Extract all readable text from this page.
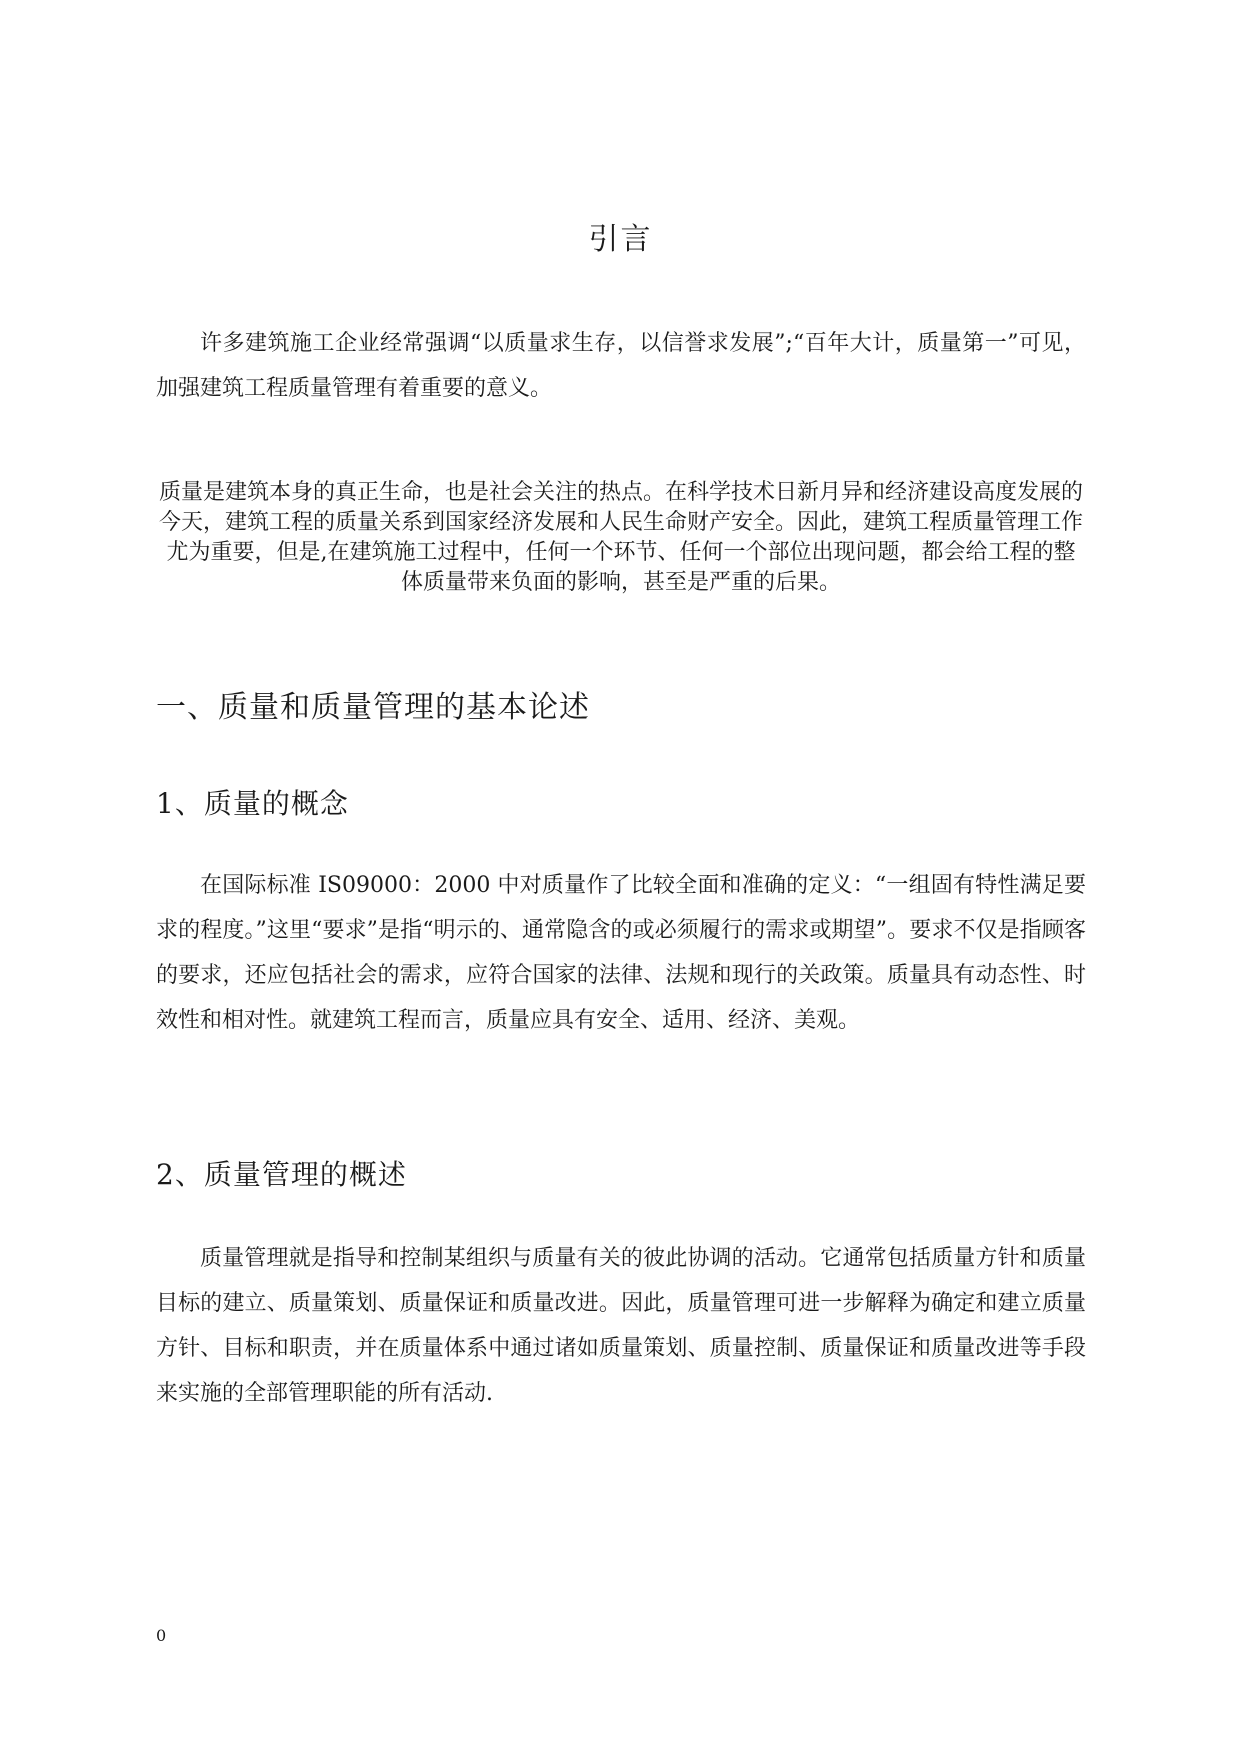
引言

许多建筑施工企业经常强调“以质量求生存，以信誉求发展”;“百年大计，质量第一”可见，加强建筑工程质量管理有着重要的意义。

质量是建筑本身的真正生命，也是社会关注的热点。在科学技术日新月异和经济建设高度发展的今天，建筑工程的质量关系到国家经济发展和人民生命财产安全。因此，建筑工程质量管理工作尤为重要，但是,在建筑施工过程中，任何一个环节、任何一个部位出现问题，都会给工程的整体质量带来负面的影响，甚至是严重的后果。

一、质量和质量管理的基本论述
1、质量的概念

在国际标准 IS09000：2000 中对质量作了比较全面和准确的定义：“一组固有特性满足要求的程度。”这里“要求”是指“明示的、通常隐含的或必须履行的需求或期望”。要求不仅是指顾客的要求，还应包括社会的需求，应符合国家的法律、法规和现行的关政策。质量具有动态性、时效性和相对性。就建筑工程而言，质量应具有安全、适用、经济、美观。

2、质量管理的概述

质量管理就是指导和控制某组织与质量有关的彼此协调的活动。它通常包括质量方针和质量目标的建立、质量策划、质量保证和质量改进。因此，质量管理可进一步解释为确定和建立质量方针、目标和职责，并在质量体系中通过诸如质量策划、质量控制、质量保证和质量改进等手段来实施的全部管理职能的所有活动.

0
